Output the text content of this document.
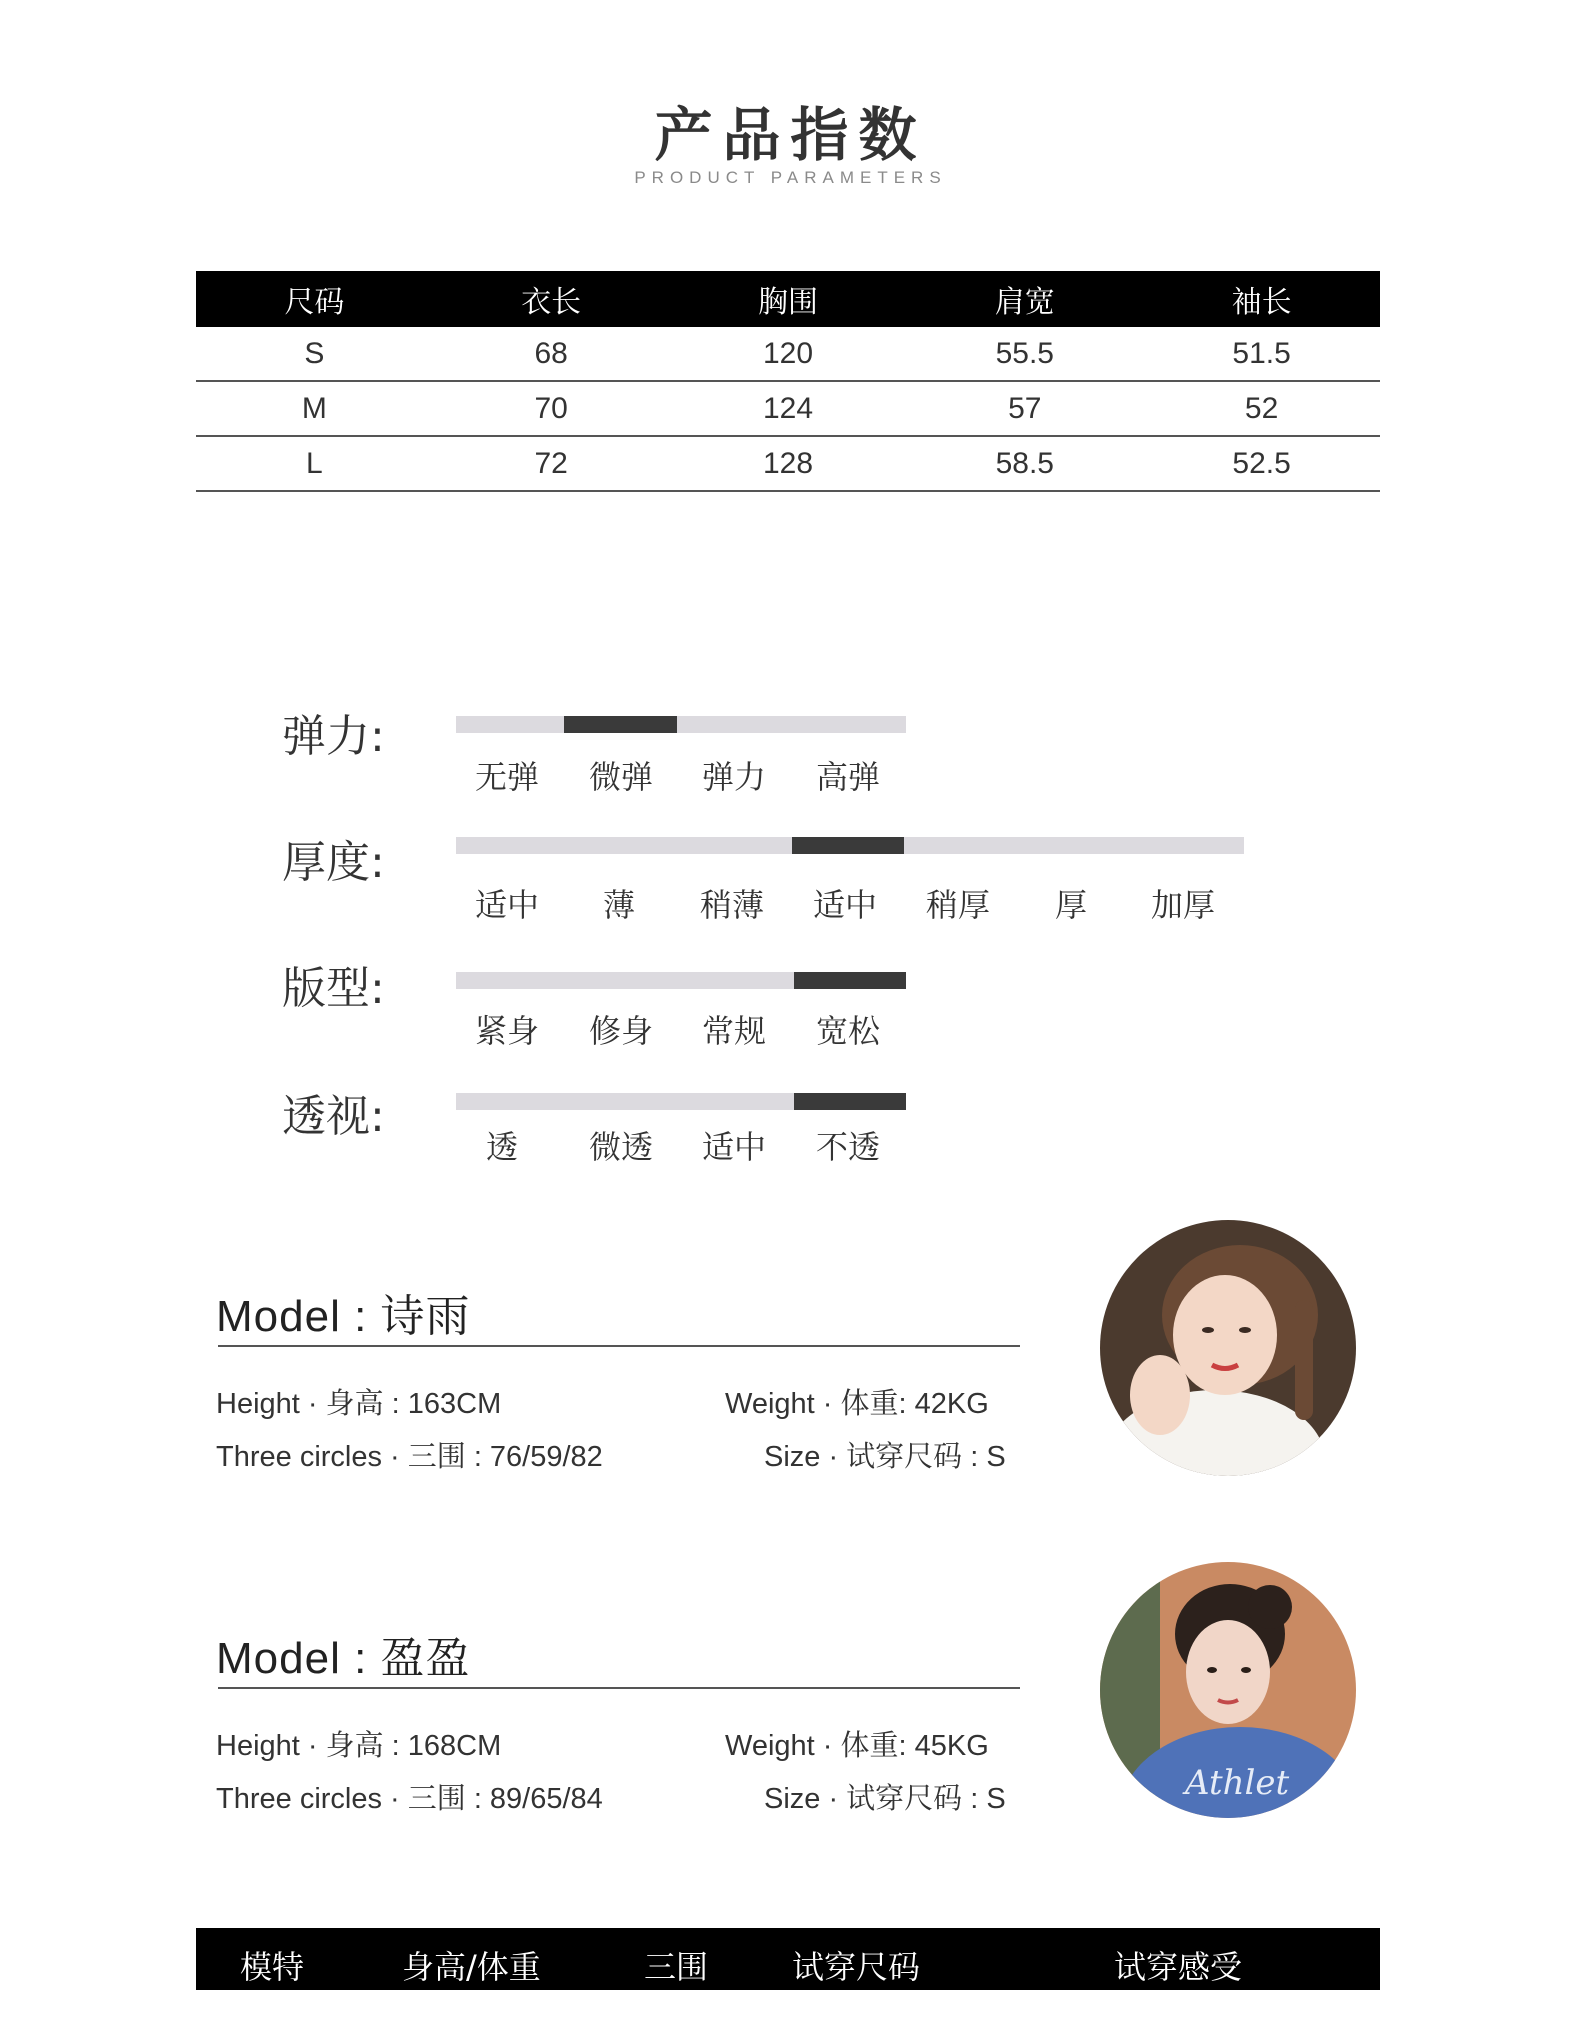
产品指数
PRODUCT PARAMETERS
尺码	衣长	胸围	肩宽	袖长
S	68	120	55.5	51.5
M	70	124	57	52
L	72	128	58.5	52.5
弹力:
无弹	微弹	弹力	高弹
厚度:
适中	薄	稍薄	适中	稍厚	厚	加厚
版型:
紧身	修身	常规	宽松
透视:
透	微透	适中	不透
Model : 诗雨
Height · 身高 : 163CM	Weight · 体重: 42KG
Three circles · 三围 : 76/59/82	Size · 试穿尺码 : S
Model : 盈盈
Height · 身高 : 168CM	Weight · 体重: 45KG
Three circles · 三围 : 89/65/84	Size · 试穿尺码 : S	Athlet
模特	身高/体重	三围	试穿尺码	试穿感受
